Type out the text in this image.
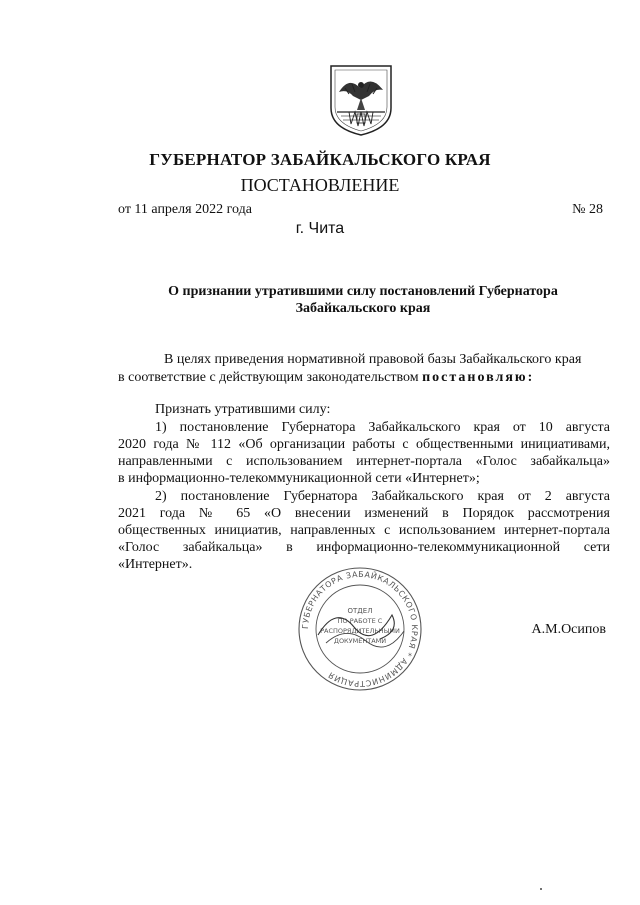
ГУБЕРНАТОР ЗАБАЙКАЛЬСКОГО КРАЯ
ПОСТАНОВЛЕНИЕ
от 11 апреля 2022 года	№ 28
г. Чита
О признании утратившими силу постановлений Губернатора
Забайкальского края
В целях приведения нормативной правовой базы Забайкальского края
в соответствие с действующим законодательством постановляю:
Признать утратившими силу:
1) постановление Губернатора Забайкальского края от 10 августа
2020 года № 112 «Об организации работы с общественными инициативами,
направленными с использованием интернет-портала «Голос забайкальца»
в информационно-телекоммуникационной сети «Интернет»;
2) постановление Губернатора Забайкальского края от 2 августа
2021 года № 65 «О внесении изменений в Порядок рассмотрения
общественных инициатив, направленных с использованием интернет-портала
«Голос забайкальца» в информационно-телекоммуникационной сети
«Интернет».
ГУБЕРНАТОРА ЗАБАЙКАЛЬСКОГО КРАЯ * АДМИНИСТРАЦИЯ
ОТДЕЛ
ПО РАБОТЕ С
РАСПОРЯДИТЕЛЬНЫМИ
ДОКУМЕНТАМИ
А.М.Осипов
